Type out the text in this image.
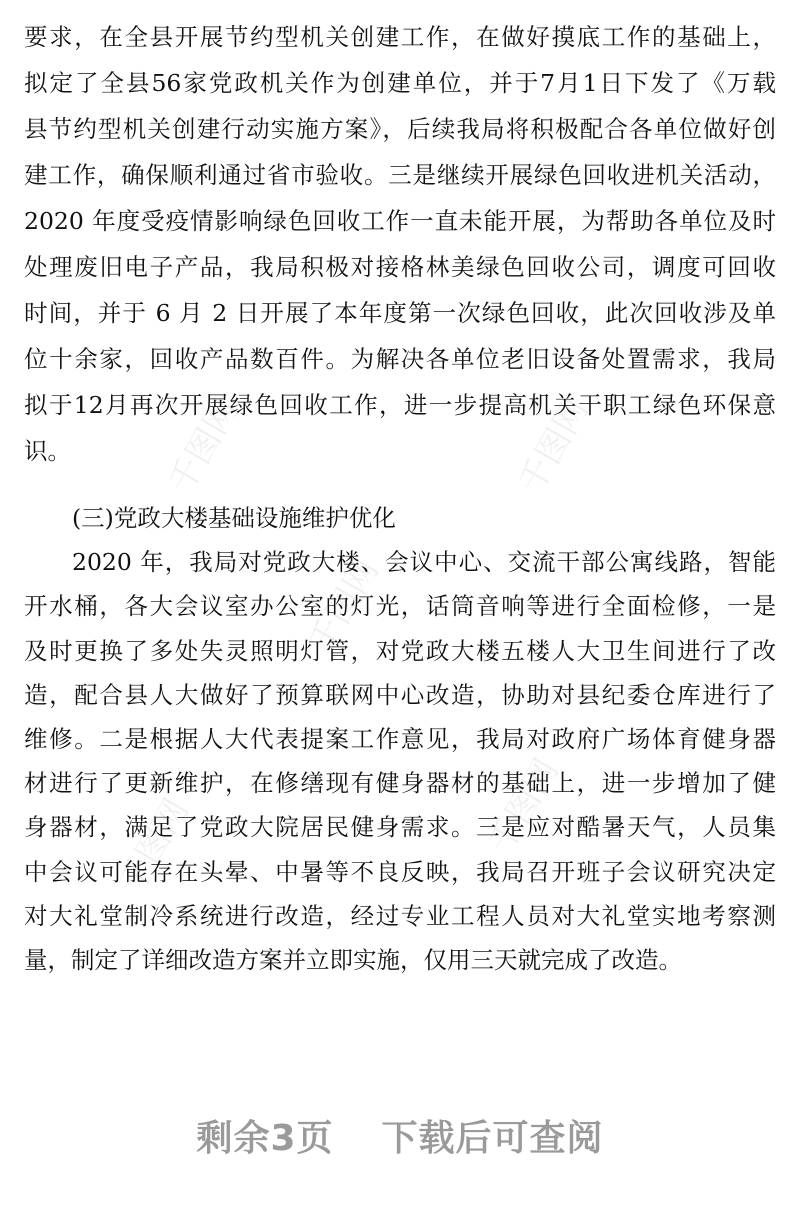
千图网	千图网
千图网
千图网	千图网
要求，在全县开展节约型机关创建工作，在做好摸底工作的基础上，
拟定了全县56家党政机关作为创建单位，并于7月1日下发了《万载
县节约型机关创建行动实施方案》，后续我局将积极配合各单位做好创
建工作，确保顺利通过省市验收。三是继续开展绿色回收进机关活动，
2020 年度受疫情影响绿色回收工作一直未能开展，为帮助各单位及时
处理废旧电子产品，我局积极对接格林美绿色回收公司，调度可回收
时间，并于 6 月 2 日开展了本年度第一次绿色回收，此次回收涉及单
位十余家，回收产品数百件。为解决各单位老旧设备处置需求，我局
拟于12月再次开展绿色回收工作，进一步提高机关干职工绿色环保意
识。
(三)党政大楼基础设施维护优化
2020 年，我局对党政大楼、会议中心、交流干部公寓线路，智能
开水桶，各大会议室办公室的灯光，话筒音响等进行全面检修，一是
及时更换了多处失灵照明灯管，对党政大楼五楼人大卫生间进行了改
造，配合县人大做好了预算联网中心改造，协助对县纪委仓库进行了
维修。二是根据人大代表提案工作意见，我局对政府广场体育健身器
材进行了更新维护，在修缮现有健身器材的基础上，进一步增加了健
身器材，满足了党政大院居民健身需求。三是应对酷暑天气，人员集
中会议可能存在头晕、中暑等不良反映，我局召开班子会议研究决定
对大礼堂制冷系统进行改造，经过专业工程人员对大礼堂实地考察测
量，制定了详细改造方案并立即实施，仅用三天就完成了改造。
剩余3页 下载后可查阅
